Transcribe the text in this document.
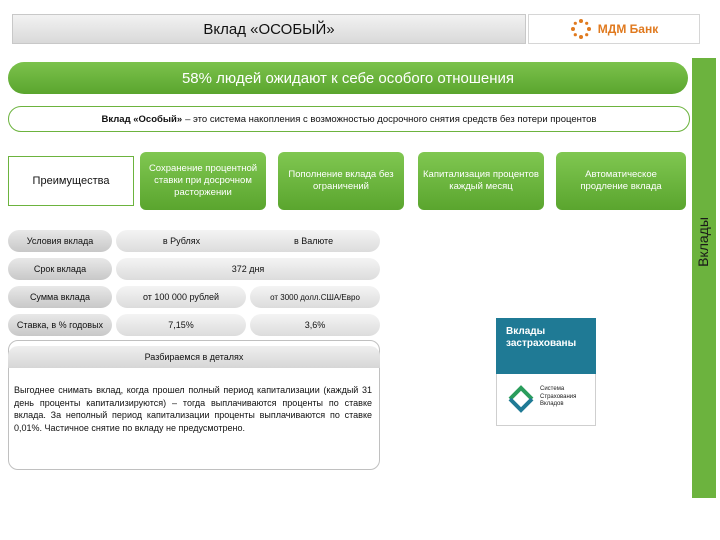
Вклад «ОСОБЫЙ»	МДМ Банк
Вклады
58% людей ожидают к себе особого отношения
Вклад «Особый» – это система накопления с возможностью досрочного снятия средств без потери процентов
Преимущества
Сохранение процентной ставки при досрочном расторжении
Пополнение вклада без ограничений
Капитализация процентов каждый месяц
Автоматическое продление вклада
Условия вклада	в Рублях	в Валюте
Срок вклада	372 дня
Сумма вклада	от 100 000 рублей	от 3000 долл.США/Евро
Ставка, в % годовых	7,15%	3,6%
Разбираемся в деталях
Выгоднее снимать вклад, когда прошел полный период капитализации (каждый 31 день проценты капитализируются) – тогда выплачиваются проценты по ставке вклада. За неполный период капитализации проценты выплачиваются по ставке 0,01%. Частичное снятие по вкладу не предусмотрено.
Вклады застрахованы
Система Страхования Вкладов
12
